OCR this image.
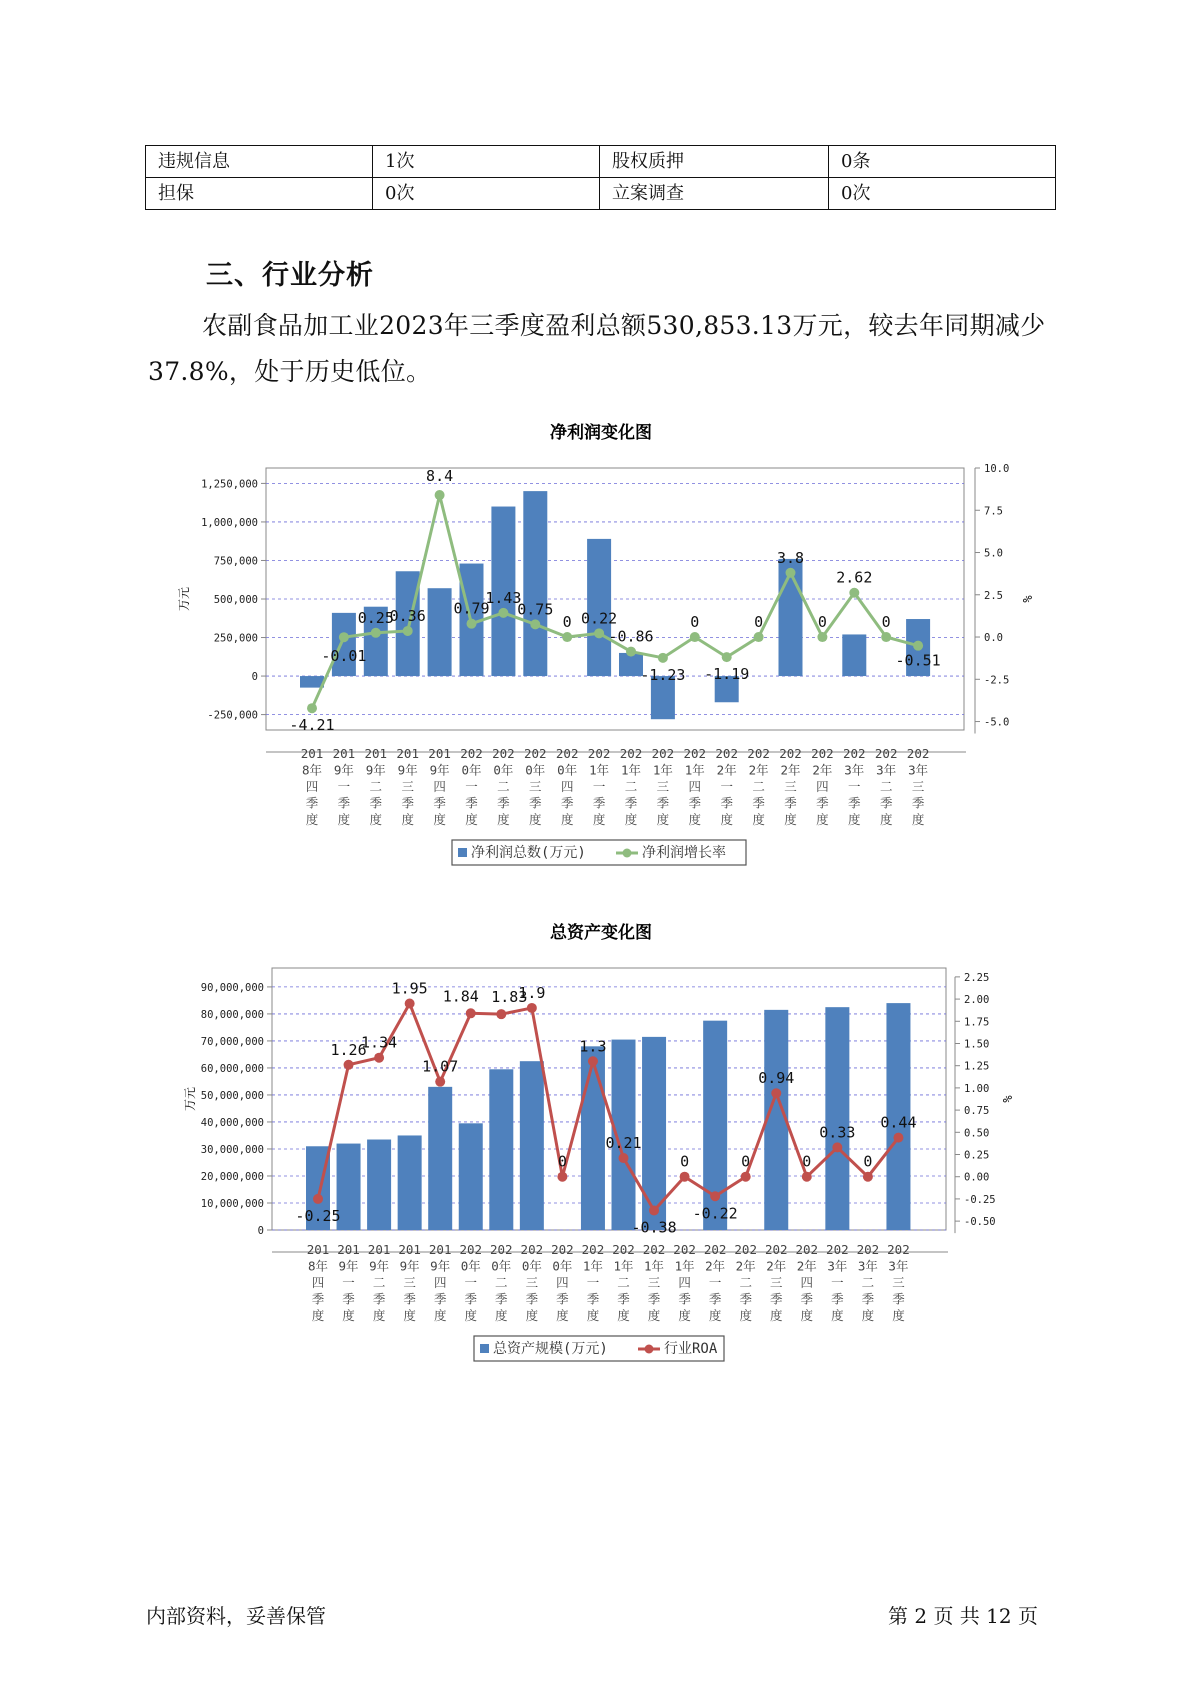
违规信息	1次	股权质押	0条
担保	0次	立案调查	0次
三、行业分析

农副食品加工业2023年三季度盈利总额530,853.13万元，较去年同期减少37.8%，处于历史低位。

净利润变化图
1,250,000
1,000,000
750,000
500,000
250,000
0
-250,000
10.0
7.5
5.0
2.5
0.0
-2.5
-5.0
万元	%
-4.21
-0.01
0.25
0.36
8.4
0.79
1.43
0.75
0 0.22
-0.86
-1.23
0
-1.19
0
3.8
0
2.62
0
-0.51
201 8年四季度
201 9年一季度
201 9年二季度
201 9年三季度
201 9年四季度
202 0年一季度
202 0年二季度
202 0年三季度
202 0年四季度
202 1年一季度
202 1年二季度
202 1年三季度
202 1年四季度
202 2年一季度
202 2年二季度
202 2年三季度
202 2年四季度
202 3年一季度
202 3年二季度
202 3年三季度
净利润总数(万元)	净利润增长率
总资产变化图
90,000,000
80,000,000
70,000,000
60,000,000
50,000,000
40,000,000
30,000,000
20,000,000
10,000,000
0
2.25
2.00
1.75
1.50
1.25
1.00
0.75
0.50
0.25
0.00
-0.25
-0.50
万元	%
-0.25
1.26
1.34
1.95
1.07
1.84 1.83
1.9
0
1.3
0.21
-0.38
0
-0.22
0
0.94
0
0.33
0
0.44
201 8年四季度
201 9年一季度
201 9年二季度
201 9年三季度
201 9年四季度
202 0年一季度
202 0年二季度
202 0年三季度
202 0年四季度
202 1年一季度
202 1年二季度
202 1年三季度
202 1年四季度
202 2年一季度
202 2年二季度
202 2年三季度
202 2年四季度
202 3年一季度
202 3年二季度
202 3年三季度
总资产规模(万元)	行业ROA

内部资料，妥善保管	第 2 页 共 12 页
